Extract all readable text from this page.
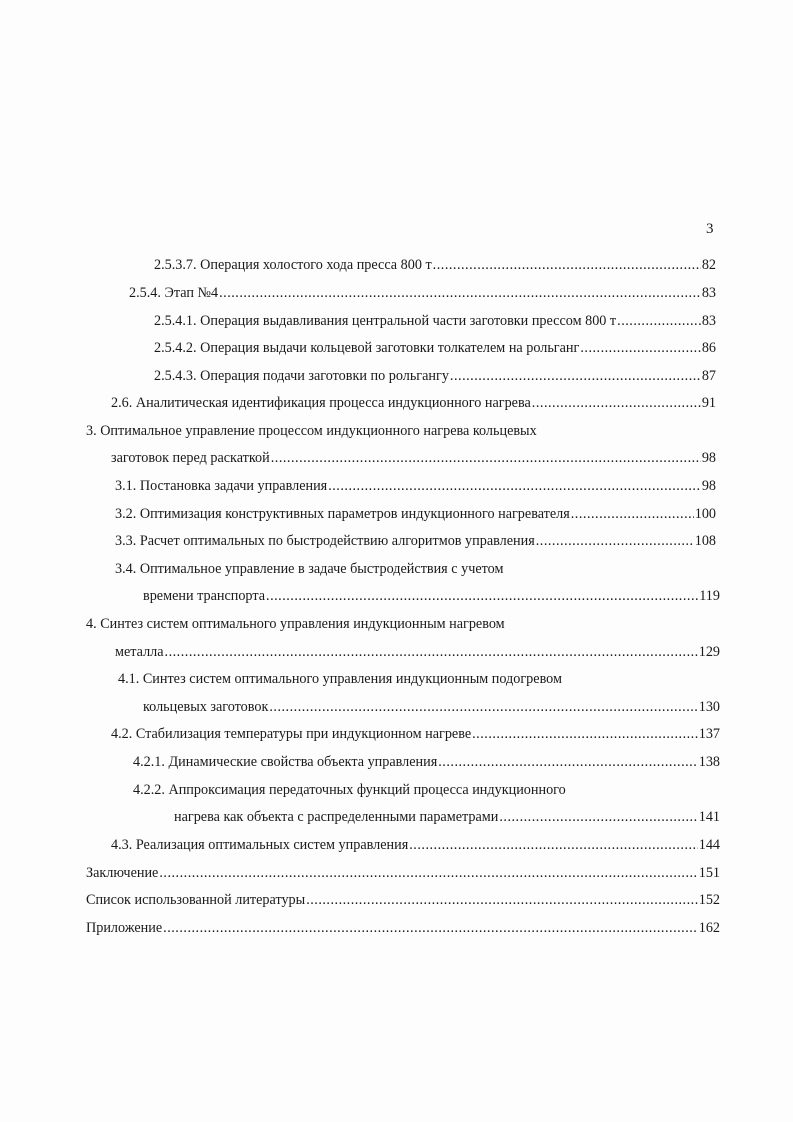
3
2.5.3.7. Операция холостого хода пресса 800 т .....	82
2.5.4. Этап №4 .....	83
2.5.4.1. Операция выдавливания центральной части заготовки прессом 800 т .....	83
2.5.4.2. Операция выдачи кольцевой заготовки толкателем на рольганг .....	86
2.5.4.3. Операция подачи заготовки по рольгангу .....	87
2.6. Аналитическая идентификация процесса индукционного нагрева .....	91
3. Оптимальное управление процессом индукционного нагрева кольцевых
заготовок перед раскаткой .....	98
3.1. Постановка задачи управления .....	98
3.2. Оптимизация конструктивных параметров индукционного нагревателя .....	100
3.3. Расчет оптимальных по быстродействию алгоритмов управления .....	108
3.4. Оптимальное управление в задаче быстродействия с учетом
времени транспорта .....	119
4. Синтез систем оптимального управления индукционным нагревом
металла .....	129
4.1. Синтез систем оптимального управления индукционным подогревом
кольцевых заготовок .....	130
4.2. Стабилизация температуры при индукционном нагреве .....	137
4.2.1. Динамические свойства объекта управления .....	138
4.2.2. Аппроксимация передаточных функций процесса индукционного
нагрева как объекта с распределенными параметрами .....	141
4.3. Реализация оптимальных систем управления .....	144
Заключение .....	151
Список использованной литературы .....	152
Приложение .....	162
